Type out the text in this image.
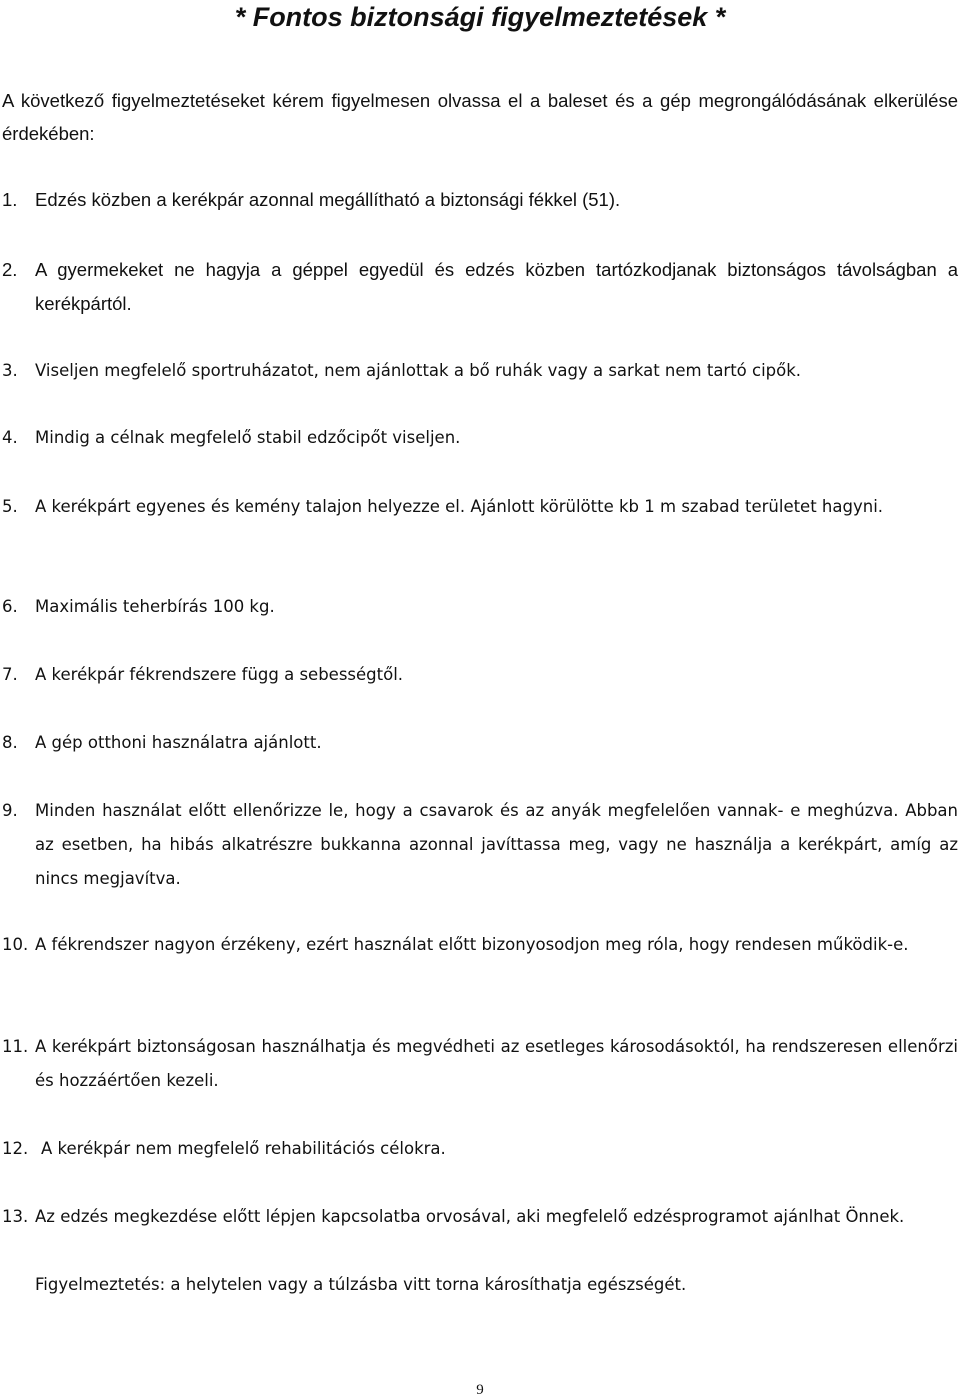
* Fontos biztonsági figyelmeztetések *

A következő figyelmeztetéseket kérem figyelmesen olvassa el a baleset és a gép megrongálódásának elkerülése érdekében:

1. Edzés közben a kerékpár azonnal megállítható a biztonsági fékkel (51).
2. A gyermekeket ne hagyja a géppel egyedül és edzés közben tartózkodjanak biztonságos távolságban a kerékpártól.
3.	Viseljen megfelelő sportruházatot, nem ajánlottak a bő ruhák vagy a sarkat nem tartó cipők.
4.	Mindig a célnak megfelelő stabil edzőcipőt viseljen.
5.	A kerékpárt egyenes és kemény talajon helyezze el. Ajánlott körülötte kb 1 m szabad területet hagyni.
6.	Maximális teherbírás 100 kg.
7.	A kerékpár fékrendszere függ a sebességtől.
8.	A gép otthoni használatra ajánlott.
9.	Minden használat előtt ellenőrizze le, hogy a csavarok és az anyák megfelelően vannak- e meghúzva. Abban az esetben, ha hibás alkatrészre bukkanna azonnal javíttassa meg, vagy ne használja a kerékpárt, amíg az nincs megjavítva.
10. A fékrendszer nagyon érzékeny, ezért használat előtt bizonyosodjon meg róla, hogy rendesen működik-e.
11. A kerékpárt biztonságosan használhatja és megvédheti az esetleges károsodásoktól, ha rendszeresen ellenőrzi és hozzáértően kezeli.
12. A kerékpár nem megfelelő rehabilitációs célokra.
13. Az edzés megkezdése előtt lépjen kapcsolatba orvosával, aki megfelelő edzésprogramot ajánlhat Önnek.
Figyelmeztetés: a helytelen vagy a túlzásba vitt torna károsíthatja egészségét.
9
